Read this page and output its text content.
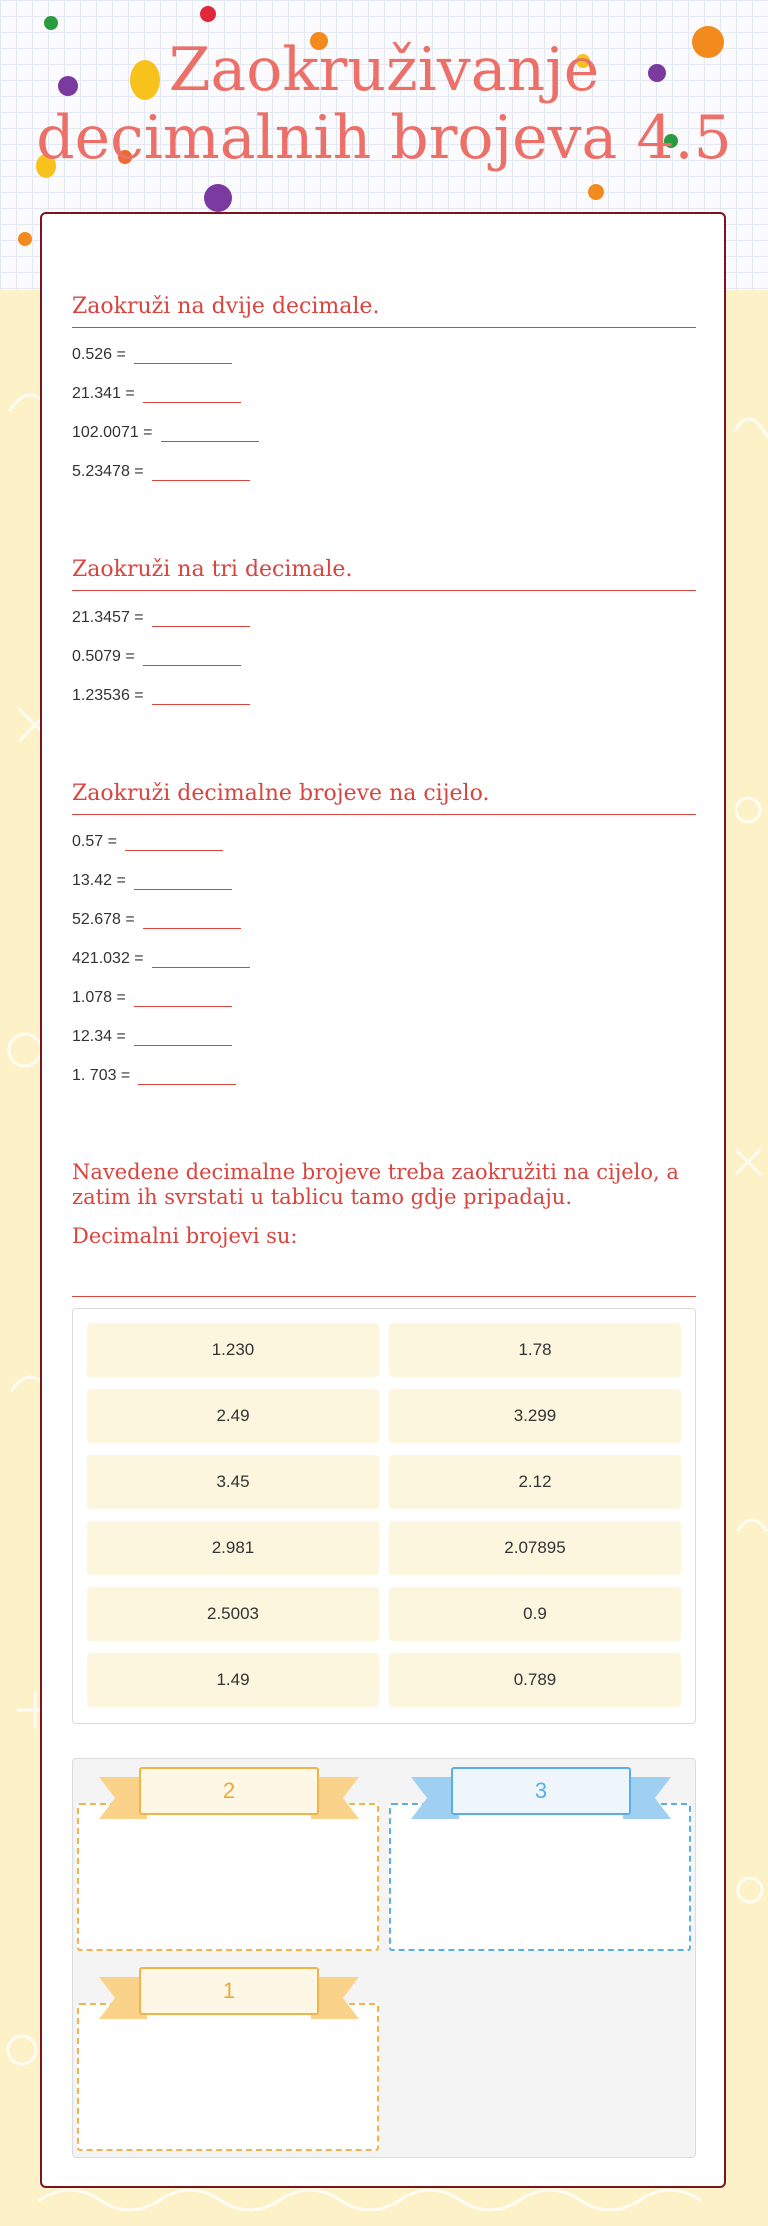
Zaokruživanje decimalnih brojeva 4.5
Zaokruži na dvije decimale.
0.526 =
21.341 =
102.0071 =
5.23478 =
Zaokruži na tri decimale.
21.3457 =
0.5079 =
1.23536 =
Zaokruži decimalne brojeve na cijelo.
0.57 =
13.42 =
52.678 =
421.032 =
1.078 =
12.34 =
1. 703 =

Navedene decimalne brojeve treba zaokružiti na cijelo, a zatim ih svrstati u tablicu tamo gdje pripadaju.

Decimalni brojevi su:

1.230	1.78
2.49	3.299
3.45	2.12
2.981	2.07895
2.5003	0.9
1.49	0.789
2	3
1
